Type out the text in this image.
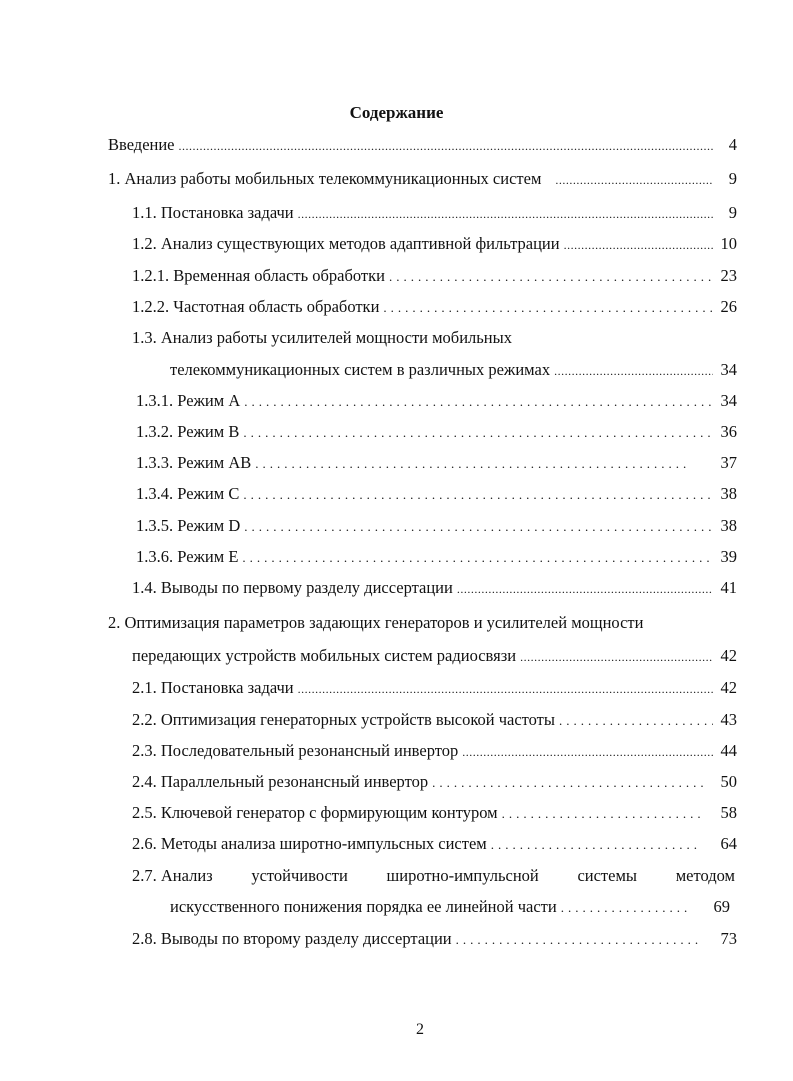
Содержание
Введение .....	4
1. Анализ работы мобильных телекоммуникационных систем .....	9
1.1. Постановка задачи .....	9
1.2. Анализ существующих методов адаптивной фильтрации .....	10
1.2.1. Временная область обработки .....	23
1.2.2. Частотная область обработки .....	26
1.3. Анализ работы усилителей мощности мобильных
телекоммуникационных систем в различных режимах .....	34
1.3.1. Режим A .....	34
1.3.2. Режим B .....	36
1.3.3. Режим AB .....	37
1.3.4. Режим C .....	38
1.3.5. Режим D .....	38
1.3.6. Режим E .....	39
1.4. Выводы по первому разделу диссертации .....	41
2. Оптимизация параметров задающих генераторов и усилителей мощности
передающих устройств мобильных систем радиосвязи .....	42
2.1. Постановка задачи .....	42
2.2. Оптимизация генераторных устройств высокой частоты .....	43
2.3. Последовательный резонансный инвертор .....	44
2.4. Параллельный резонансный инвертор .....	50
2.5. Ключевой генератор с формирующим контуром .....	58
2.6. Методы анализа широтно-импульсных систем .....	64
2.7. Анализ устойчивости широтно-импульсной системы методом
искусственного понижения порядка ее линейной части .....	69
2.8. Выводы по второму разделу диссертации .....	73
2
